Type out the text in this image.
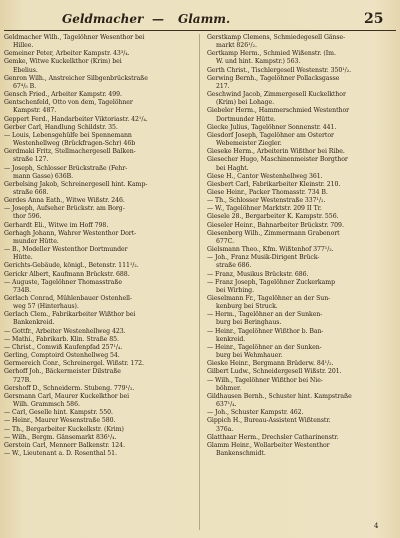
Geldmacher — Glamm.	25
Geldmacher Wilh., Tagelöhner Wesenthor bei
Hillee.
Gemeiner Peter, Arbeiter Kampstr. 43³/₄.
Gemke, Witwe Kuckelkthor (Krim) bei
Ebelius.
Genron Wilh., Anstreicher Silbgenbrückstraße
67⁴/₅ B.
Gensch Fried., Arbeiter Kampstr. 499.
Gentschenfeld, Otto von dem, Tagelöhner
Kampstr. 487.
Geppert Ferd., Handarbeiter Viktoriastr. 42¹/₄.
Gerber Carl, Handlung Schildstr. 35.
— Louis, Lebensgehülfe bei Spennemann
Westenhellweg (Brückfragen-Schr) 46b
Gerdmaki Fritz, Stellmachergesell Balken-
straße 127.
— Joseph, Schlosser Brückstraße (Fehr-
mann Gasse) 636B.
Gerbelsing Jakob, Schreinergesell hint. Kamp-
straße 668.
Gerdes Anna Eath., Witwe Wißstr. 246.
— Joseph, Aufseher Brückstr. am Borg-
thor 596.
Gerhardt Eli., Witwe im Hoff 798.
Gerhagh Johann, Wahrer Westenthor Dort-
munder Hütte.
— B., Modeller Westenthor Dortmunder
Hütte.
Gerichts-Gebäude, königl., Betenstr. 111¹/₂.
Gerickr Albert, Kaufmann Brückstr. 688.
— Auguste, Tagelöhner Thomasstraße
734B.
Gerlach Conrad, Mühlenbauer Ostenhell-
weg 57 (Hinterhaus).
Gerlach Clem., Fabrikarbeiter Wißthor bei
Bankenkreid.
— Gottfr., Arbeiter Westenhellweg 423.
— Mathi., Fabrikarb. Klin. Straße 85.
— Christ., Comwiß Kaufenpfad 257¹/₄.
Gerling, Comptoird Ostenhellweg 54.
Germereich Conr., Schreinergel. Wißstr. 172.
Gerhoff Joh., Bäckermeister Dilstraße
727B.
Gershoff D., Schneiderm. Stubeng. 779¹/₂.
Gersmann Carl, Maurer Kuckelkthor bei
Wilh. Grammsch 586.
— Carl, Geselle hint. Kampstr. 550.
— Heinr., Maurer Wesenstraße 580.
— Th., Bergarbeiter Kuckelkstr. (Krim)
— Wilh., Bergm. Gänsemarkt 836¹/₄.
Gerstein Carl, Mennerr Balkenstr. 124.
— W., Lieutenant a. D. Rosenthal 51.
Gerstkamp Clemens, Schmiedegesell Gänse-
markt 826¹/₂.
Gertkamp Herm., Schmied Wißenstr. (Im.
W. und hint. Kampstr.) 563.
Gerth Christ., Tischlergesell Westenstr. 350¹/₂.
Gerwing Bernh., Tagelöhner Pollacksgasse
217.
Geschwind Jacob, Zimmergesell Kuckelkthor
(Krim) bei Lohage.
Giebeler Herm., Hammerschmied Westenthor
Dortmunder Hütte.
Giecke Julius, Tagelöhner Sonnenstr. 441.
Giesdorf Joseph, Tagelöhner am Ostertor
Webemeister Ziegler.
Gieseke Herm., Arbeiterin Wißthor bei Ribe.
Giesecher Hugo, Maschinenmeister Borgthor
bei Haght.
Giese H., Cantor Westenhellweg 361.
Giesbert Carl, Fabrikarbeiter Kleinstr. 210.
Giese Heinr., Packer Thomasstr. 734 B.
— Th., Schlosser Westenstraße 337¹/₂.
— W., Tagelöhner Marktstr. 209 II Tr.
Giesele 28., Bergarbeiter K. Kampstr. 556.
Gieseler Heinr., Bahnarbeiter Brückstr. 709.
Giesenberg Wilh., Zimmermann Grabenort
677C.
Gielsmann Theo., Kfm. Wißtenhof 377¹/₂.
— Joh., Franz Musik-Dirigent Brück-
straße 686.
— Franz, Musikus Brückstr. 686.
— Franz Joseph, Tagelöhner Zuckerkamp
bei Wirbing.
Gieselmann Fr., Tagelöhner an der Sun-
kenburg bei Struck.
— Herm., Tagelöhner an der Sunken-
burg bei Beringhaus.
— Heinr., Tagelöhner Wißthor b. Ban-
kenkreid.
— Heinr., Tagelöhner an der Sunken-
burg bei Wehmhauer.
Gieske Heinr., Bergmann Brüderw. 84¹/₂.
Gilbert Ludw., Schneidergesell Wißstr. 201.
— Wilh., Tagelöhner Wißthor bei Nie-
böhmer.
Gildhausen Bernh., Schuster hint. Kampstraße
637¹/₄.
— Joh., Schuster Kampstr. 462.
Gippich H., Bureau-Assistent Wißtenstr.
376a.
Glatthaar Herm., Drechsler Catharinenstr.
Glamm Heinr., Wollarbeiter Westenthor
Bankenschmidt.
4
